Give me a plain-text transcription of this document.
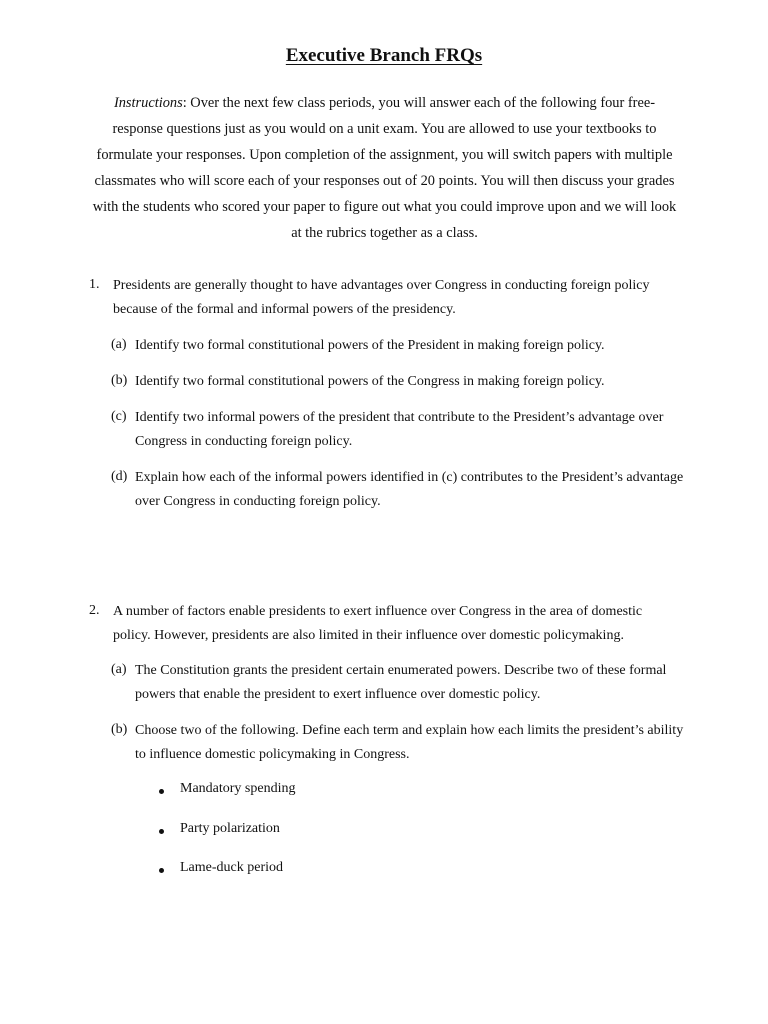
Executive Branch FRQs
Instructions: Over the next few class periods, you will answer each of the following four free-response questions just as you would on a unit exam. You are allowed to use your textbooks to formulate your responses. Upon completion of the assignment, you will switch papers with multiple classmates who will score each of your responses out of 20 points. You will then discuss your grades with the students who scored your paper to figure out what you could improve upon and we will look at the rubrics together as a class.
1. Presidents are generally thought to have advantages over Congress in conducting foreign policy because of the formal and informal powers of the presidency.
(a) Identify two formal constitutional powers of the President in making foreign policy.
(b) Identify two formal constitutional powers of the Congress in making foreign policy.
(c) Identify two informal powers of the president that contribute to the President’s advantage over Congress in conducting foreign policy.
(d) Explain how each of the informal powers identified in (c) contributes to the President’s advantage over Congress in conducting foreign policy.
2. A number of factors enable presidents to exert influence over Congress in the area of domestic policy. However, presidents are also limited in their influence over domestic policymaking.
(a) The Constitution grants the president certain enumerated powers. Describe two of these formal powers that enable the president to exert influence over domestic policy.
(b) Choose two of the following. Define each term and explain how each limits the president’s ability to influence domestic policymaking in Congress.
Mandatory spending
Party polarization
Lame-duck period
